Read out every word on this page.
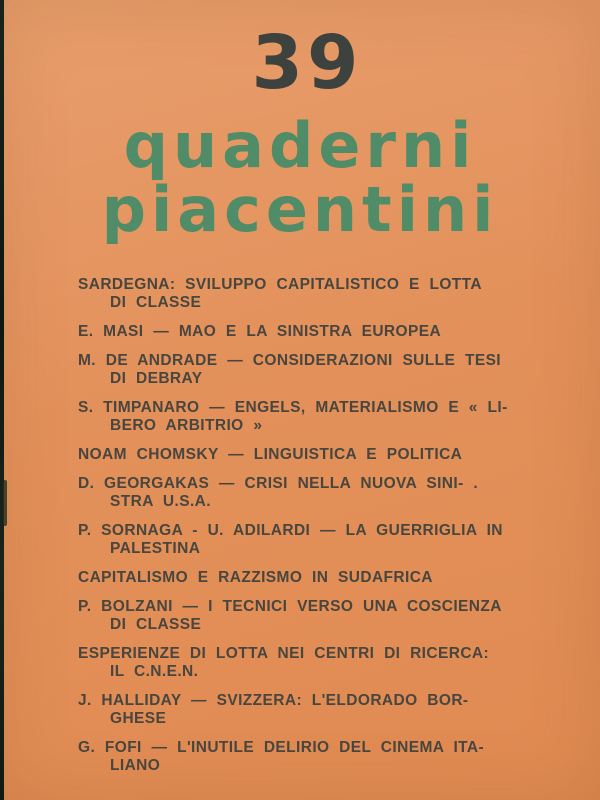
39
quaderni
piacentini
SARDEGNA: SVILUPPO CAPITALISTICO E LOTTA
DI CLASSE
E. MASI — MAO E LA SINISTRA EUROPEA
M. DE ANDRADE — CONSIDERAZIONI SULLE TESI
DI DEBRAY
S. TIMPANARO — ENGELS, MATERIALISMO E « LI-
BERO ARBITRIO »
NOAM CHOMSKY — LINGUISTICA E POLITICA
D. GEORGAKAS — CRISI NELLA NUOVA SINI- .
STRA U.S.A.
P. SORNAGA - U. ADILARDI — LA GUERRIGLIA IN
PALESTINA
CAPITALISMO E RAZZISMO IN SUDAFRICA
P. BOLZANI — I TECNICI VERSO UNA COSCIENZA
DI CLASSE
ESPERIENZE DI LOTTA NEI CENTRI DI RICERCA:
IL C.N.E.N.
J. HALLIDAY — SVIZZERA: L'ELDORADO BOR-
GHESE
G. FOFI — L'INUTILE DELIRIO DEL CINEMA ITA-
LIANO
